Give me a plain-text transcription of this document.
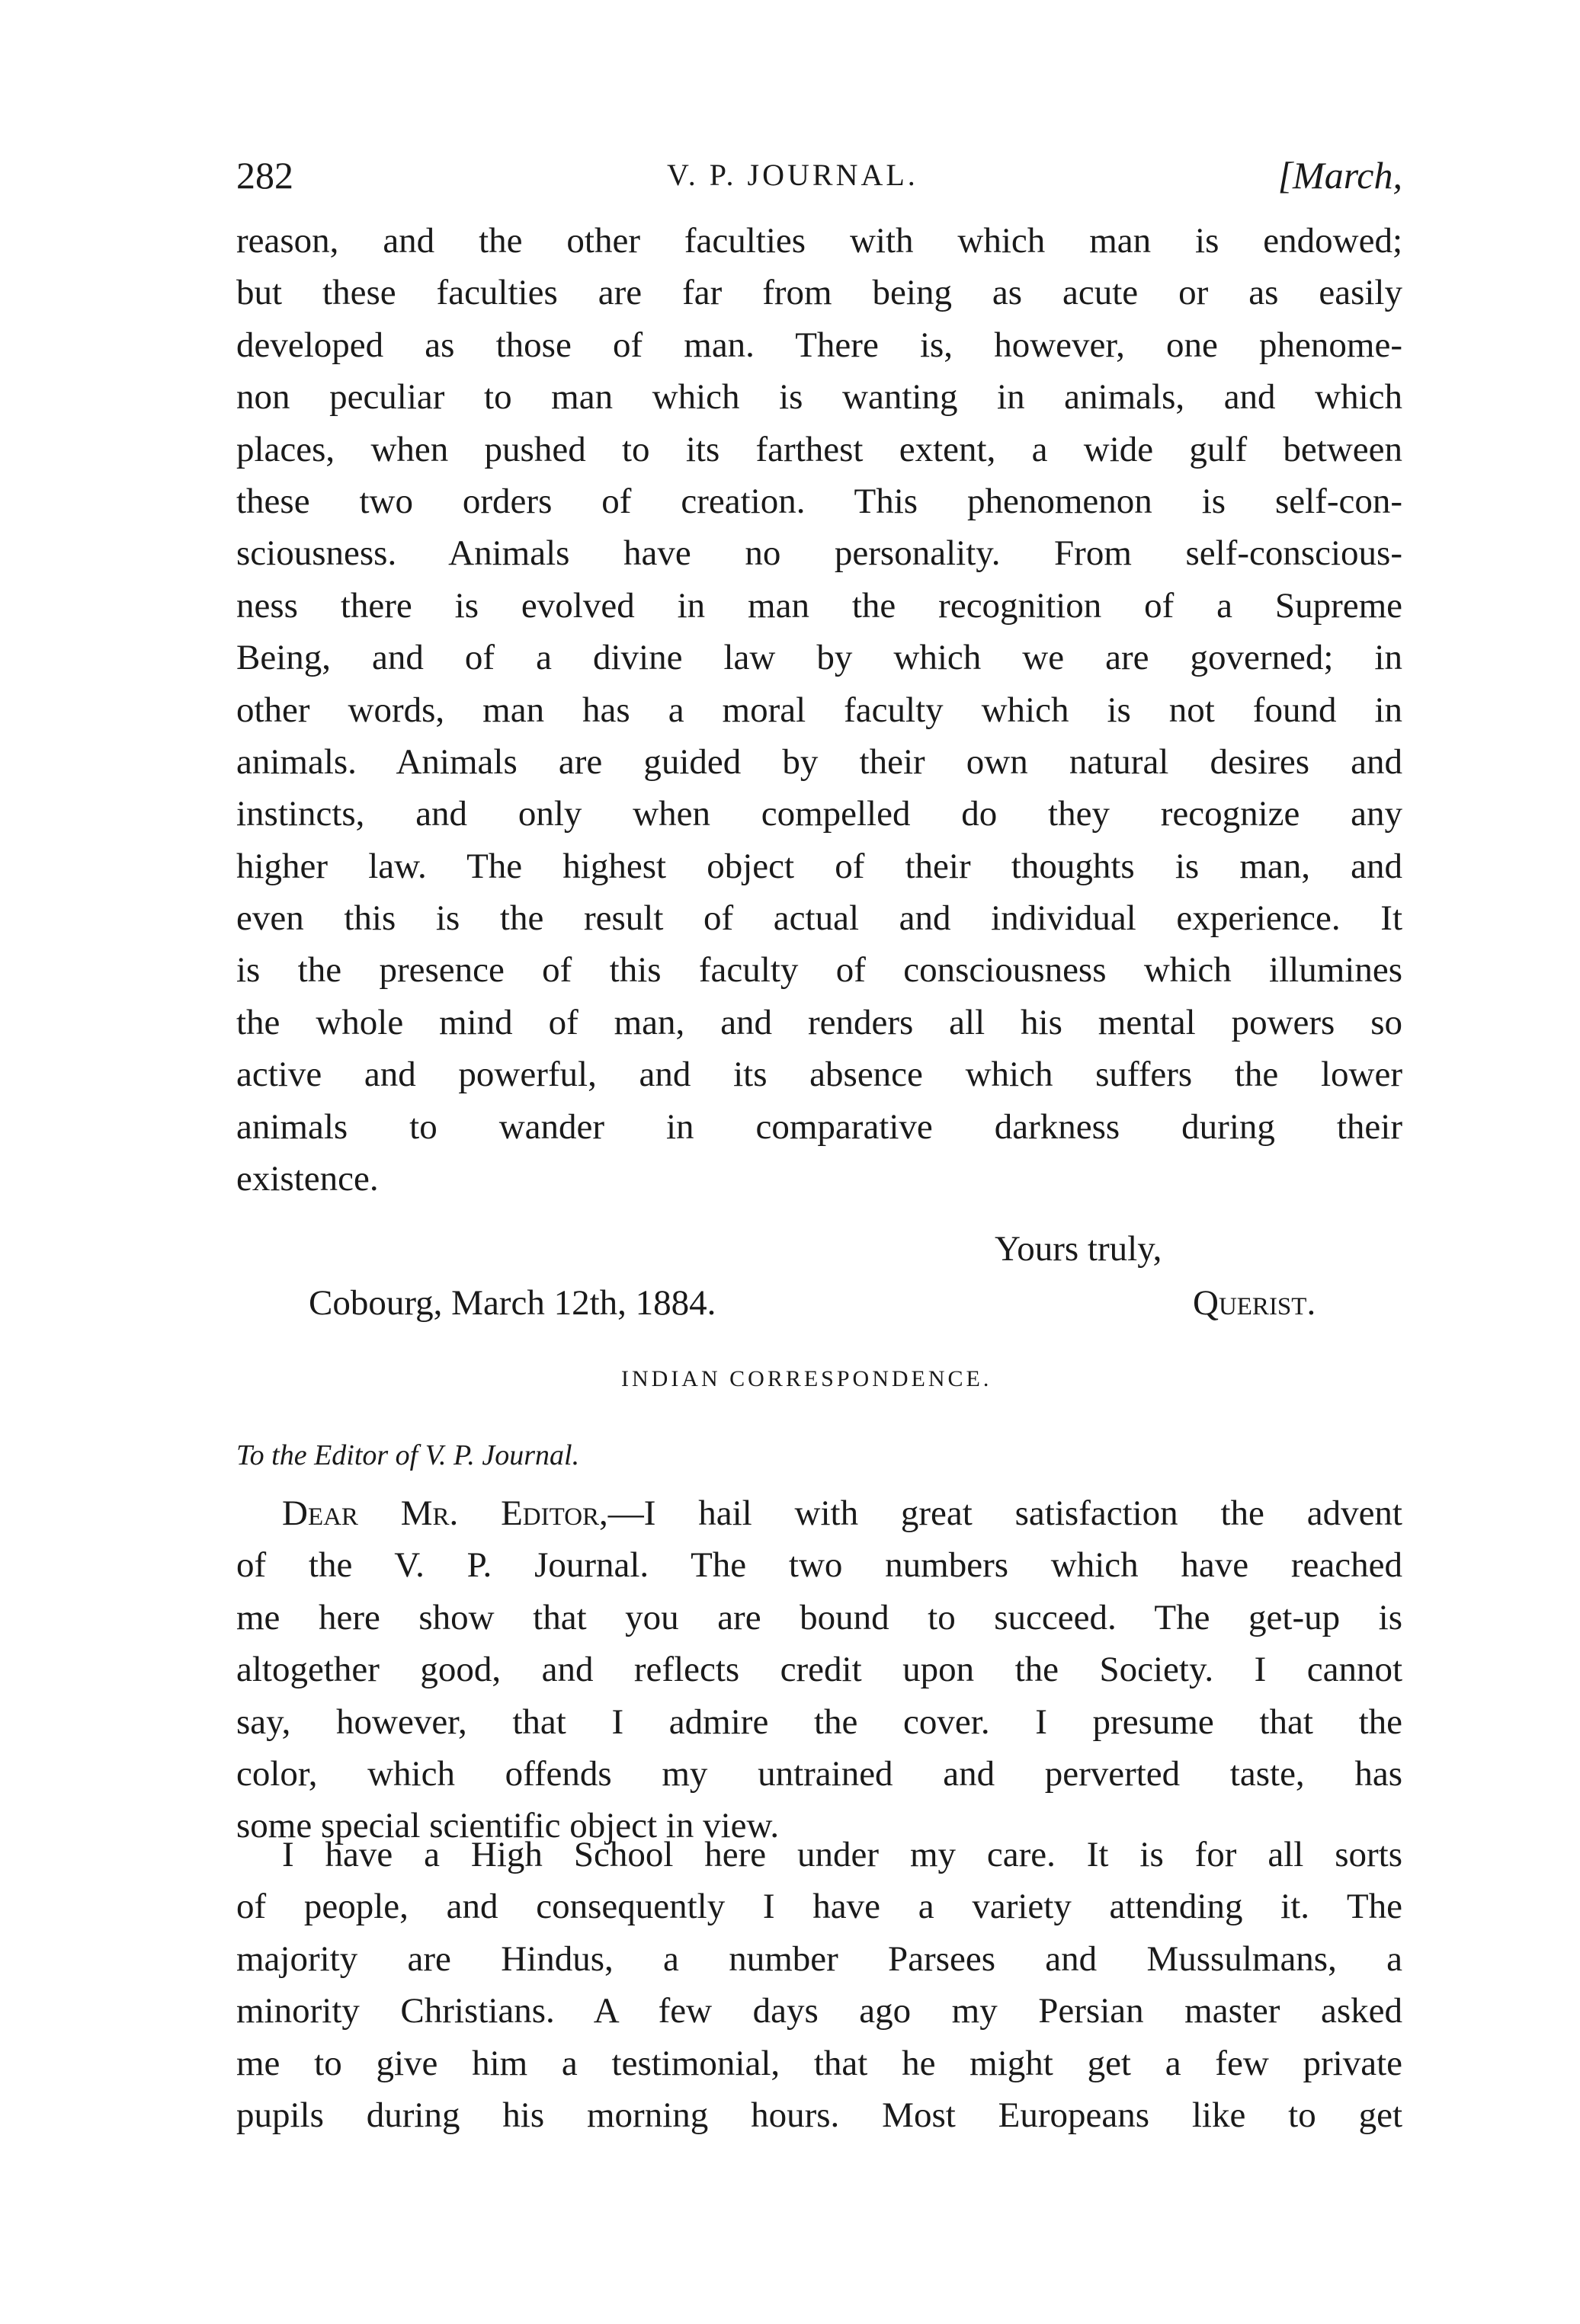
282	V. P. JOURNAL.	[March,
reason, and the other faculties with which man is endowed;
but these faculties are far from being as acute or as easily
developed as those of man. There is, however, one phenome-
non peculiar to man which is wanting in animals, and which
places, when pushed to its farthest extent, a wide gulf between
these two orders of creation. This phenomenon is self-con-
sciousness. Animals have no personality. From self-conscious-
ness there is evolved in man the recognition of a Supreme
Being, and of a divine law by which we are governed; in
other words, man has a moral faculty which is not found in
animals. Animals are guided by their own natural desires and
instincts, and only when compelled do they recognize any
higher law. The highest object of their thoughts is man, and
even this is the result of actual and individual experience. It
is the presence of this faculty of consciousness which illumines
the whole mind of man, and renders all his mental powers so
active and powerful, and its absence which suffers the lower
animals to wander in comparative darkness during their
existence.
Yours truly,
Cobourg, March 12th, 1884.	Querist.
INDIAN CORRESPONDENCE.
To the Editor of V. P. Journal.
Dear Mr. Editor,—I hail with great satisfaction the advent
of the V. P. Journal. The two numbers which have reached
me here show that you are bound to succeed. The get-up is
altogether good, and reflects credit upon the Society. I cannot
say, however, that I admire the cover. I presume that the
color, which offends my untrained and perverted taste, has
some special scientific object in view.
I have a High School here under my care. It is for all sorts
of people, and consequently I have a variety attending it. The
majority are Hindus, a number Parsees and Mussulmans, a
minority Christians. A few days ago my Persian master asked
me to give him a testimonial, that he might get a few private
pupils during his morning hours. Most Europeans like to get
